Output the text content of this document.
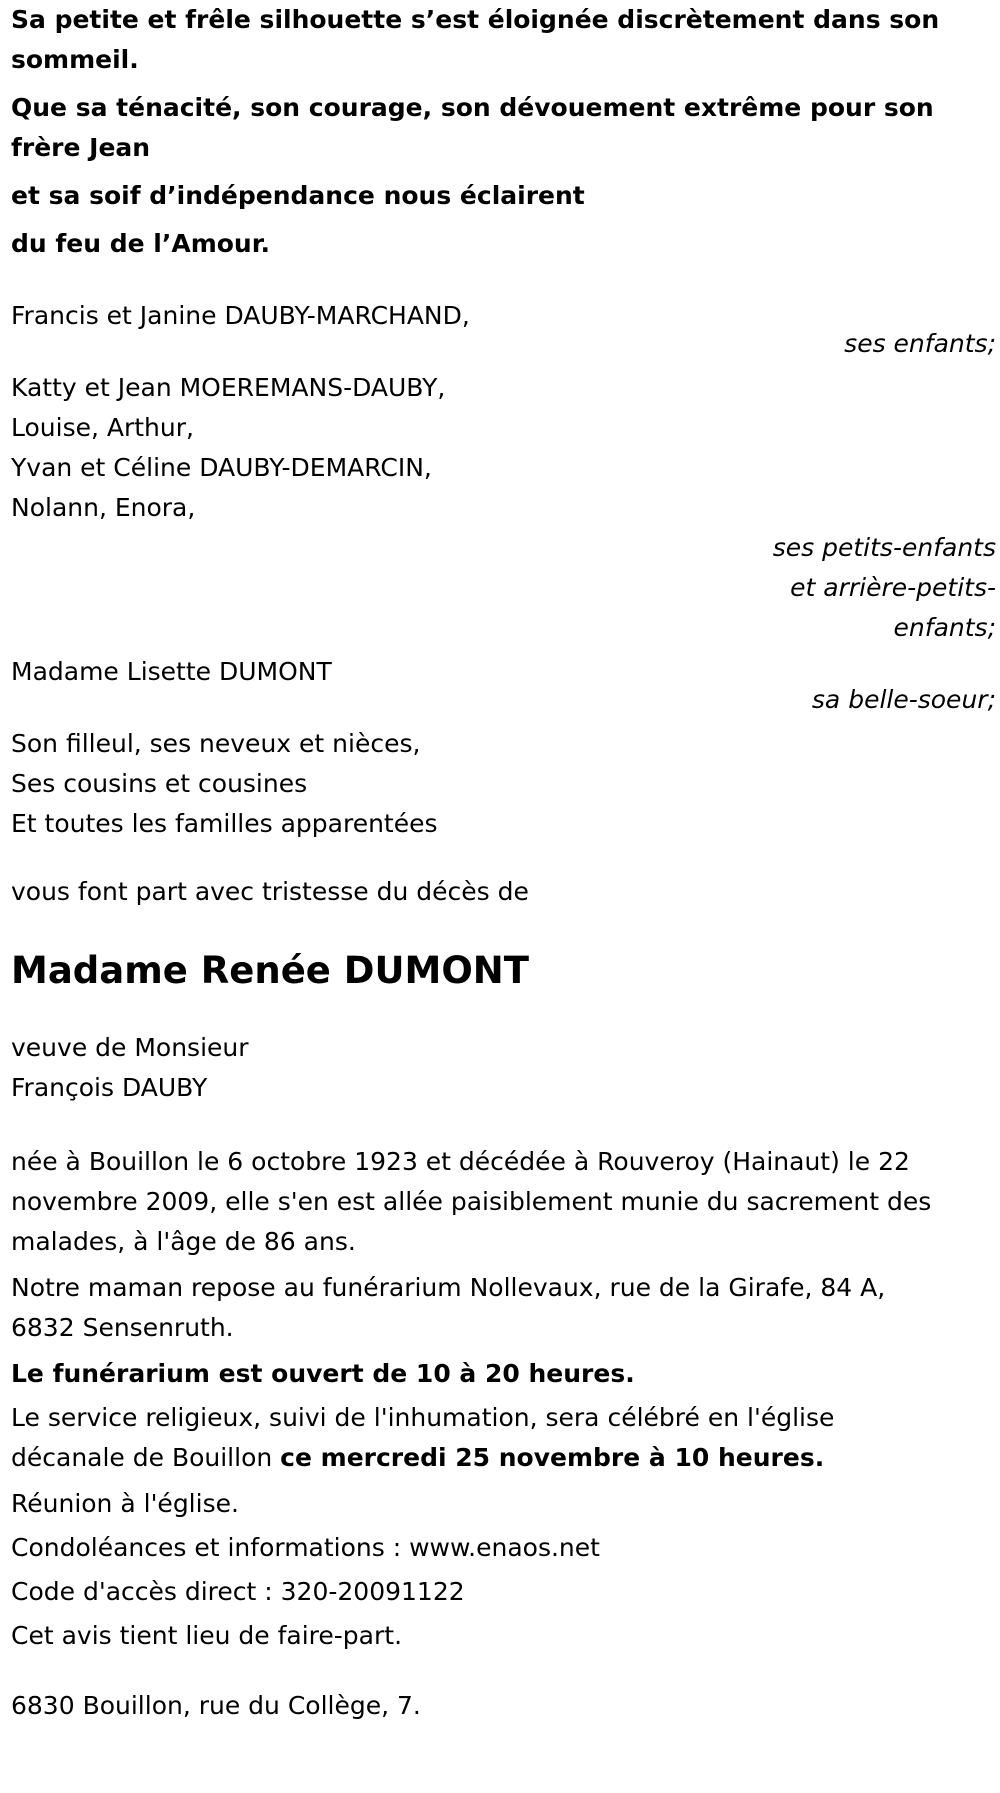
Sa petite et frêle silhouette s’est éloignée discrètement dans son

sommeil.

Que sa ténacité, son courage, son dévouement extrême pour son

frère Jean

et sa soif d’indépendance nous éclairent

du feu de l’Amour.

Francis et Janine DAUBY-MARCHAND,
ses enfants;
Katty et Jean MOEREMANS-DAUBY,
Louise, Arthur,
Yvan et Céline DAUBY-DEMARCIN,
Nolann, Enora,
ses petits-enfants
et arrière-petits-
enfants;
Madame Lisette DUMONT
sa belle-soeur;
Son filleul, ses neveux et nièces,
Ses cousins et cousines
Et toutes les familles apparentées

vous font part avec tristesse du décès de

Madame Renée DUMONT
veuve de Monsieur
François DAUBY
née à Bouillon le 6 octobre 1923 et décédée à Rouveroy (Hainaut) le 22
novembre 2009, elle s'en est allée paisiblement munie du sacrement des
malades, à l'âge de 86 ans.
Notre maman repose au funérarium Nollevaux, rue de la Girafe, 84 A,
6832 Sensenruth.

Le funérarium est ouvert de 10 à 20 heures.

Le service religieux, suivi de l'inhumation, sera célébré en l'église
décanale de Bouillon ce mercredi 25 novembre à 10 heures.

Réunion à l'église.

Condoléances et informations : www.enaos.net

Code d'accès direct : 320-20091122

Cet avis tient lieu de faire-part.

6830 Bouillon, rue du Collège, 7.
